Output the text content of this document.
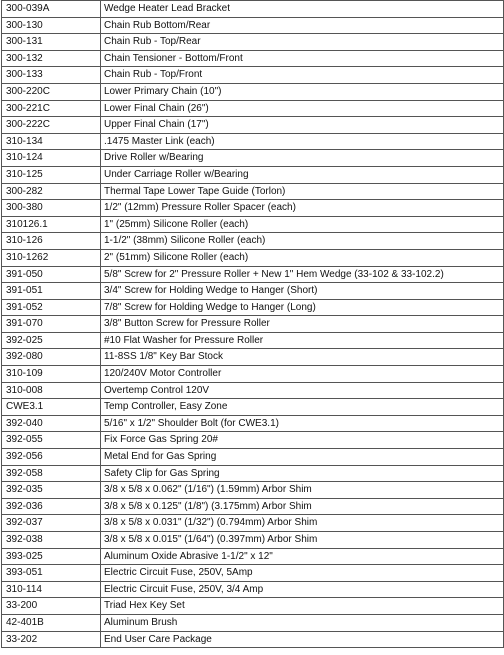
300-039A	Wedge Heater Lead Bracket
300-130	Chain Rub Bottom/Rear
300-131	Chain Rub - Top/Rear
300-132	Chain Tensioner - Bottom/Front
300-133	Chain Rub - Top/Front
300-220C	Lower Primary Chain (10")
300-221C	Lower Final Chain (26")
300-222C	Upper Final Chain (17")
310-134	.1475 Master Link (each)
310-124	Drive Roller w/Bearing
310-125	Under Carriage Roller w/Bearing
300-282	Thermal Tape Lower Tape Guide (Torlon)
300-380	1/2" (12mm) Pressure Roller Spacer (each)
310126.1	1" (25mm) Silicone Roller (each)
310-126	1-1/2" (38mm) Silicone Roller (each)
310-1262	2" (51mm) Silicone Roller (each)
391-050	5/8" Screw for 2" Pressure Roller + New 1" Hem Wedge (33-102 & 33-102.2)
391-051	3/4" Screw for Holding Wedge to Hanger (Short)
391-052	7/8" Screw for Holding Wedge to Hanger (Long)
391-070	3/8" Button Screw for Pressure Roller
392-025	#10 Flat Washer for Pressure Roller
392-080	11-8SS 1/8" Key Bar Stock
310-109	120/240V Motor Controller
310-008	Overtemp Control 120V
CWE3.1	Temp Controller, Easy Zone
392-040	5/16" x 1/2" Shoulder Bolt (for CWE3.1)
392-055	Fix Force Gas Spring 20#
392-056	Metal End for Gas Spring
392-058	Safety Clip for Gas Spring
392-035	3/8 x 5/8 x 0.062" (1/16") (1.59mm) Arbor Shim
392-036	3/8 x 5/8 x 0.125" (1/8") (3.175mm) Arbor Shim
392-037	3/8 x 5/8 x 0.031" (1/32") (0.794mm) Arbor Shim
392-038	3/8 x 5/8 x 0.015" (1/64") (0.397mm) Arbor Shim
393-025	Aluminum Oxide Abrasive 1-1/2" x 12"
393-051	Electric Circuit Fuse, 250V, 5Amp
310-114	Electric Circuit Fuse, 250V, 3/4 Amp
33-200	Triad Hex Key Set
42-401B	Aluminum Brush
33-202	End User Care Package
